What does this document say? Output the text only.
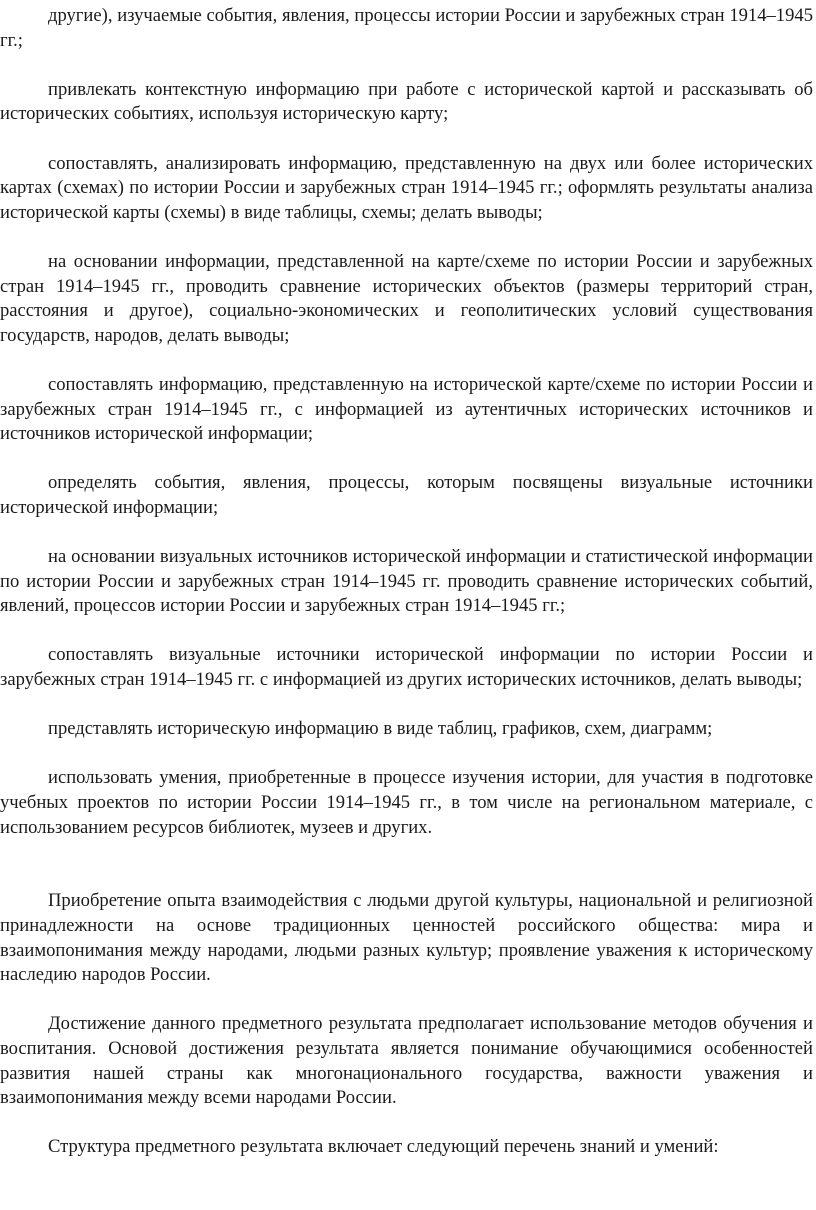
другие), изучаемые события, явления, процессы истории России и зарубежных стран 1914–1945 гг.;

привлекать контекстную информацию при работе с исторической картой и рассказывать об исторических событиях, используя историческую карту;

сопоставлять, анализировать информацию, представленную на двух или более исторических картах (схемах) по истории России и зарубежных стран 1914–1945 гг.; оформлять результаты анализа исторической карты (схемы) в виде таблицы, схемы; делать выводы;

на основании информации, представленной на карте/схеме по истории России и зарубежных стран 1914–1945 гг., проводить сравнение исторических объектов (размеры территорий стран, расстояния и другое), социально-экономических и геополитических условий существования государств, народов, делать выводы;

сопоставлять информацию, представленную на исторической карте/схеме по истории России и зарубежных стран 1914–1945 гг., с информацией из аутентичных исторических источников и источников исторической информации;

определять события, явления, процессы, которым посвящены визуальные источники исторической информации;

на основании визуальных источников исторической информации и статистической информации по истории России и зарубежных стран 1914–1945 гг. проводить сравнение исторических событий, явлений, процессов истории России и зарубежных стран 1914–1945 гг.;

сопоставлять визуальные источники исторической информации по истории России и зарубежных стран 1914–1945 гг. с информацией из других исторических источников, делать выводы;

представлять историческую информацию в виде таблиц, графиков, схем, диаграмм;

использовать умения, приобретенные в процессе изучения истории, для участия в подготовке учебных проектов по истории России 1914–1945 гг., в том числе на региональном материале, с использованием ресурсов библиотек, музеев и других.

Приобретение опыта взаимодействия с людьми другой культуры, национальной и религиозной принадлежности на основе традиционных ценностей российского общества: мира и взаимопонимания между народами, людьми разных культур; проявление уважения к историческому наследию народов России.

Достижение данного предметного результата предполагает использование методов обучения и воспитания. Основой достижения результата является понимание обучающимися особенностей развития нашей страны как многонационального государства, важности уважения и взаимопонимания между всеми народами России.

Структура предметного результата включает следующий перечень знаний и умений:
